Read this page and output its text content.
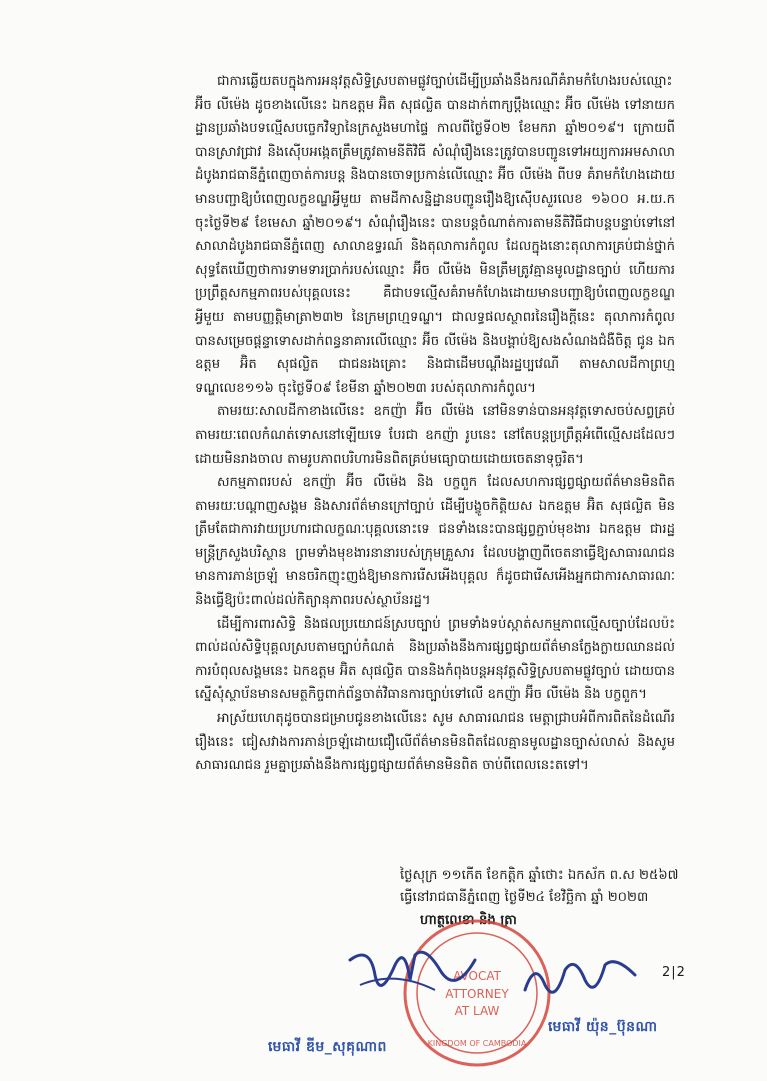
ជាការឆ្លើយតបក្នុងការអនុវត្តសិទ្ធិស្របតាមផ្លូវច្បាប់ដើម្បីប្រឆាំងនឹងករណីគំរាមកំហែងរបស់ឈ្មោះ អ៊ីច លីម៉េង ដូចខាងលើនេះ ឯកឧត្តម អ៊ិត សុផល្លិត បានដាក់ពាក្យប្ដឹងឈ្មោះ អ៊ីច លីម៉េង ទៅនាយកដ្ឋានប្រឆាំងបទល្មើសបច្ចេកវិទ្យានៃក្រសួងមហាផ្ទៃ កាលពីថ្ងៃទី០២ ខែមករា ឆ្នាំ២០១៩។ ក្រោយពីបានស្រាវជ្រាវ និងស៊ើបអង្កេតត្រឹមត្រូវតាមនីតិវិធី សំណុំរឿងនេះត្រូវបានបញ្ជូនទៅអយ្យការអមសាលាដំបូងរាជធានីភ្នំពេញចាត់ការបន្ត និងបានចោទប្រកាន់លើឈ្មោះ អ៊ីច លីម៉េង ពីបទ គំរាមកំហែងដោយមានបញ្ជាឱ្យបំពេញលក្ខខណ្ឌអ្វីមួយ តាមដីកាសន្និដ្ឋានបញ្ជូនរឿងឱ្យស៊ើបសួរលេខ ១៦០០ អ.យ.ក ចុះថ្ងៃទី២៩ ខែមេសា ឆ្នាំ២០១៩។ សំណុំរឿងនេះ បានបន្តចំណាត់ការតាមនីតិវិធីជាបន្តបន្ទាប់ទៅនៅសាលាដំបូងរាជធានីភ្នំពេញ សាលាឧទ្ធរណ៍ និងតុលាការកំពូល ដែលក្នុងនោះតុលាការគ្រប់ជាន់ថ្នាក់សុទ្ធតែឃើញថាការទាមទារប្រាក់របស់ឈ្មោះ អ៊ីច លីម៉េង មិនត្រឹមត្រូវគ្មានមូលដ្ឋានច្បាប់ ហើយការប្រព្រឹត្តសកម្មភាពរបស់បុគ្គលនេះ គឺជាបទល្មើសគំរាមកំហែងដោយមានបញ្ជាឱ្យបំពេញលក្ខខណ្ឌអ្វីមួយ តាមបញ្ញត្តិមាត្រា២៣២ នៃក្រមព្រហ្មទណ្ឌ។ ជាលទ្ធផលស្ថាពរនៃរឿងក្ដីនេះ តុលាការកំពូលបានសម្រេចផ្ដន្ទាទោសដាក់ពន្ធនាគារលើឈ្មោះ អ៊ីច លីម៉េង និងបង្គាប់ឱ្យសងសំណងជំងឺចិត្ត ជូន ឯកឧត្តម អ៊ិត សុផល្លិត ជាជនរងគ្រោះ និងជាដើមបណ្ដឹងរដ្ឋប្បវេណី តាមសាលដីកាព្រហ្មទណ្ឌលេខ១១៦ ចុះថ្ងៃទី០៩ ខែមីនា ឆ្នាំ២០២៣ របស់តុលាការកំពូល។

តាមរយៈសាលដីកាខាងលើនេះ ឧកញ៉ា អ៊ីច លីម៉េង នៅមិនទាន់បានអនុវត្តទោសចប់សព្វគ្រប់តាមរយៈពេលកំណត់ទោសនៅឡើយទេ បែរជា ឧកញ៉ា រូបនេះ នៅតែបន្តប្រព្រឹត្តអំពើល្មើសដដែលៗដោយមិនរាងចាល តាមរូបភាពបរិហារមិនពិតគ្រប់មធ្យោបាយដោយចេតនាទុច្ចរិត។

សកម្មភាពរបស់ ឧកញ៉ា អ៊ីច លីម៉េង និង បក្ខពួក ដែលសហការផ្សព្វផ្សាយព័ត៌មានមិនពិតតាមរយៈបណ្ដាញសង្គម និងសារព័ត៌មានក្រៅច្បាប់ ដើម្បីបង្ខូចកិត្តិយស ឯកឧត្តម អ៊ិត សុផល្លិត មិនត្រឹមតែជាការវាយប្រហារជាលក្ខណៈបុគ្គលនោះទេ ជនទាំងនេះបានផ្សព្វភ្ជាប់មុខងារ ឯកឧត្តម ជារដ្ឋមន្ត្រីក្រសួងបរិស្ថាន ព្រមទាំងមុខងារនានារបស់ក្រុមគ្រួសារ ដែលបង្ហាញពីចេតនាធ្វើឱ្យសាធារណជនមានការភាន់ច្រឡំ មានចរិកញុះញង់ឱ្យមានការរើសអើងបុគ្គល ក៏ដូចជារើសអើងអ្នកជាការសាធារណៈ និងធ្វើឱ្យប៉ះពាល់ដល់កិត្យានុភាពរបស់ស្ថាប័នរដ្ឋ។

ដើម្បីការពារសិទ្ធិ និងផលប្រយោជន៍ស្របច្បាប់ ព្រមទាំងទប់ស្កាត់សកម្មភាពល្មើសច្បាប់ដែលប៉ះពាល់ដល់សិទ្ធិបុគ្គលស្របតាមច្បាប់កំណត់ និងប្រឆាំងនឹងការផ្សព្វផ្សាយព័ត៌មានក្លែងក្លាយឈានដល់ការបំពុលសង្គមនេះ ឯកឧត្តម អ៊ិត សុផល្លិត បាននិងកំពុងបន្តអនុវត្តសិទ្ធិស្របតាមផ្លូវច្បាប់ ដោយបានស្នើសុំស្ថាប័នមានសមត្ថកិច្ចពាក់ព័ន្ធចាត់វិធានការច្បាប់ទៅលើ ឧកញ៉ា អ៊ីច លីម៉េង និង បក្ខពួក។

អាស្រ័យហេតុដូចបានជម្រាបជូនខាងលើនេះ សូម សាធារណជន មេត្តាជ្រាបអំពីការពិតនៃដំណើររឿងនេះ ជៀសវាងការភាន់ច្រឡំដោយជឿលើព័ត៌មានមិនពិតដែលគ្មានមូលដ្ឋានច្បាស់លាស់ និងសូម សាធារណជន រួមគ្នាប្រឆាំងនឹងការផ្សព្វផ្សាយព័ត៌មានមិនពិត ចាប់ពីពេលនេះតទៅ។

ថ្ងៃសុក្រ ១១កើត ខែកត្តិក ឆ្នាំថោះ ឯកស័ក ព.ស ២៥៦៧
ធ្វើនៅរាជធានីភ្នំពេញ ថ្ងៃទី២៤ ខែវិច្ឆិកា ឆ្នាំ ២០២៣
ហាត្ថលេខា និង ត្រា
2|2
AVOCAT
ATTORNEY
AT LAW
KINGDOM OF CAMBODIA
មេធាវី ឌីម_សុគុណាព
មេធាវី យ៉ុន_ប៊ុនណា
